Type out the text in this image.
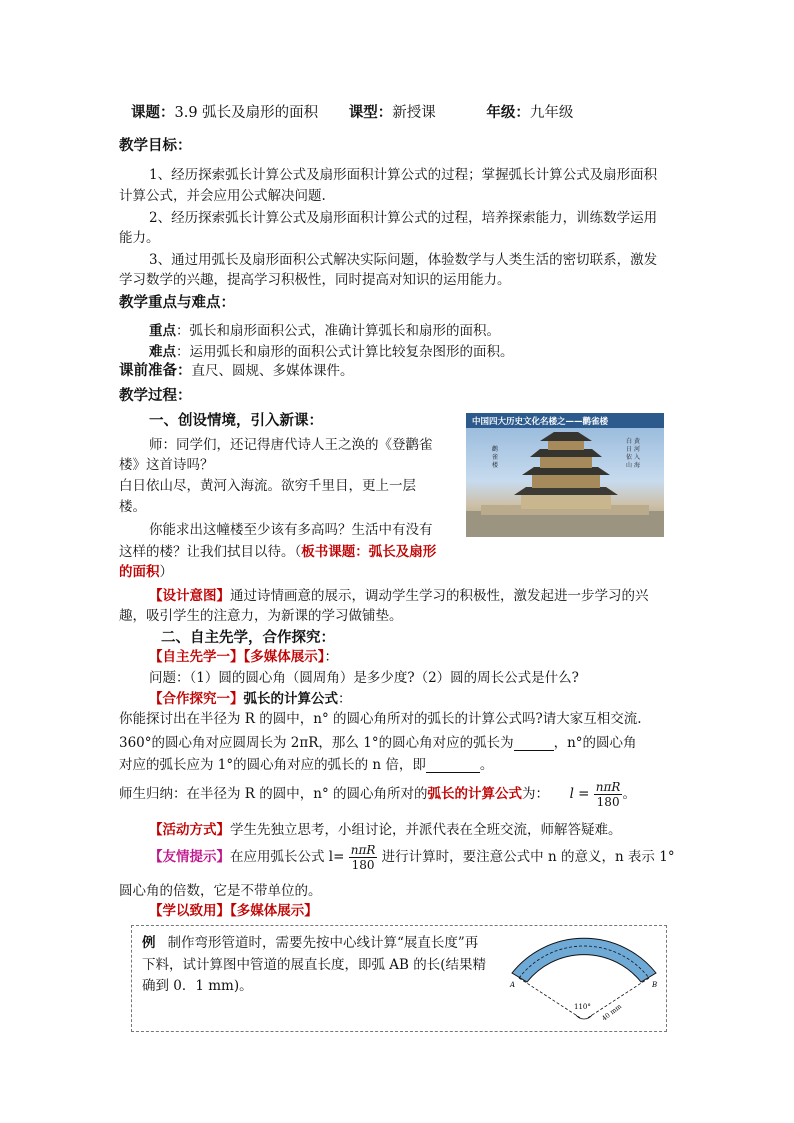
课题：3.9 弧长及扇形的面积 课型：新授课	年级：九年级
教学目标：
1、经历探索弧长计算公式及扇形面积计算公式的过程；掌握弧长计算公式及扇形面积
计算公式，并会应用公式解决问题.
2、经历探索弧长计算公式及扇形面积计算公式的过程，培养探索能力，训练数学运用
能力。
3、通过用弧长及扇形面积公式解决实际问题，体验数学与人类生活的密切联系，激发
学习数学的兴趣，提高学习积极性，同时提高对知识的运用能力。
教学重点与难点：
重点：弧长和扇形面积公式，准确计算弧长和扇形的面积。
难点：运用弧长和扇形的面积公式计算比较复杂图形的面积。
课前准备：直尺、圆规、多媒体课件。
教学过程：
一、创设情境，引入新课：
师：同学们，还记得唐代诗人王之涣的《登鹳雀
楼》这首诗吗？
白日依山尽，黄河入海流。欲穷千里目，更上一层
楼。
你能求出这幢楼至少该有多高吗？生活中有没有
这样的楼？让我们拭目以待。（板书课题：弧长及扇形
的面积）
中国四大历史文化名楼之——鹳雀楼
白
日
依
山
黄
河
入
海
鹳
雀
楼
【设计意图】通过诗情画意的展示，调动学生学习的积极性，激发起进一步学习的兴
趣，吸引学生的注意力，为新课的学习做铺垫。
二、自主先学，合作探究：
【自主先学一】【多媒体展示】：
问题：（1）圆的圆心角（圆周角）是多少度?（2）圆的周长公式是什么?
【合作探究一】弧长的计算公式：
你能探讨出在半径为 R 的圆中，n° 的圆心角所对的弧长的计算公式吗?请大家互相交流.
360°的圆心角对应圆周长为 2πR，那么 1°的圆心角对应的弧长为	，n°的圆心角
对应的弧长应为 1°的圆心角对应的弧长的 n 倍，即	。
师生归纳：在半径为 R 的圆中，n° 的圆心角所对的弧长的计算公式为： $l = \frac{\text{nπR}}{180}$ 。
【活动方式】学生先独立思考，小组讨论，并派代表在全班交流，师解答疑难。
【友情提示】在应用弧长公式 $l= \frac{\text{nπR}}{180}$ 进行计算时，要注意公式中 n 的意义，n 表示 1°
圆心角的倍数，它是不带单位的。
【学以致用】【多媒体展示】
例 制作弯形管道时，需要先按中心线计算“展直长度”再
下料，试计算图中管道的展直长度，即弧 AB 的长(结果精
确到 0．1 mm)。	A	B
110° 40 mm
